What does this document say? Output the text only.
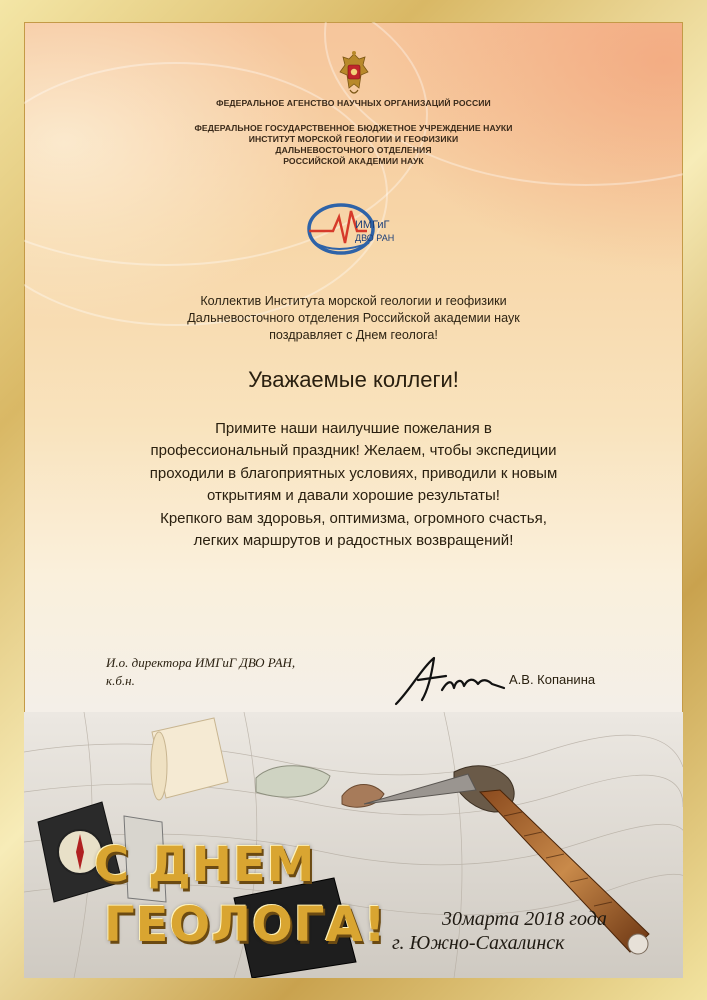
ФЕДЕРАЛЬНОЕ АГЕНСТВО НАУЧНЫХ ОРГАНИЗАЦИЙ РОССИИ
ФЕДЕРАЛЬНОЕ ГОСУДАРСТВЕННОЕ БЮДЖЕТНОЕ УЧРЕЖДЕНИЕ НАУКИ
ИНСТИТУТ МОРСКОЙ ГЕОЛОГИИ И ГЕОФИЗИКИ
ДАЛЬНЕВОСТОЧНОГО ОТДЕЛЕНИЯ
РОССИЙСКОЙ АКАДЕМИИ НАУК
ИМГиГ
ДВО РАН
Коллектив Института морской геологии и геофизики
Дальневосточного отделения Российской академии наук
поздравляет с Днем геолога!
Уважаемые коллеги!
Примите наши наилучшие пожелания в
профессиональный праздник! Желаем, чтобы экспедиции
проходили в благоприятных условиях, приводили к новым
открытиям и давали хорошие результаты!
Крепкого вам здоровья, оптимизма, огромного счастья,
легких маршрутов и радостных возвращений!
И.о. директора ИМГиГ ДВО РАН,
к.б.н.	А.В. Копанина
С ДНЕМ
ГЕОЛОГА!	30марта 2018 года
г. Южно-Сахалинск
